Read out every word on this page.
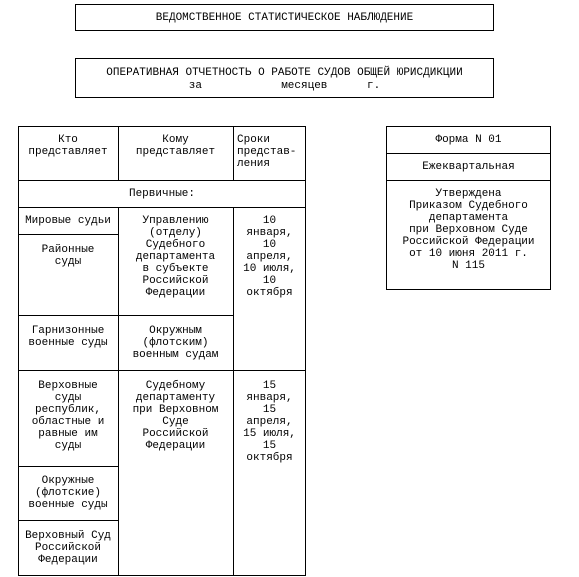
ВЕДОМСТВЕННОЕ СТАТИСТИЧЕСКОЕ НАБЛЮДЕНИЕ
ОПЕРАТИВНАЯ ОТЧЕТНОСТЬ О РАБОТЕ СУДОВ ОБЩЕЙ ЮРИСДИКЦИИ
за            месяцев      г.
Кто
представляет
Кому
представляет
Сроки
представ-
ления
Первичные:
Мировые судьи
Районные
суды
Гарнизонные
военные суды
Управлению
(отделу)
Судебного
департамента
в субъекте
Российской
Федерации
Окружным
(флотским)
военным судам
10
января,
10
апреля,
10 июля,
10
октября
Верховные
суды
республик,
областные и
равные им
суды
Окружные
(флотские)
военные суды
Верховный Суд
Российской
Федерации
Судебному
департаменту
при Верховном
Суде
Российской
Федерации
15
января,
15
апреля,
15 июля,
15
октября
Форма N 01
Ежеквартальная
Утверждена
Приказом Судебного
департамента
при Верховном Суде
Российской Федерации
от 10 июня 2011 г.
N 115
